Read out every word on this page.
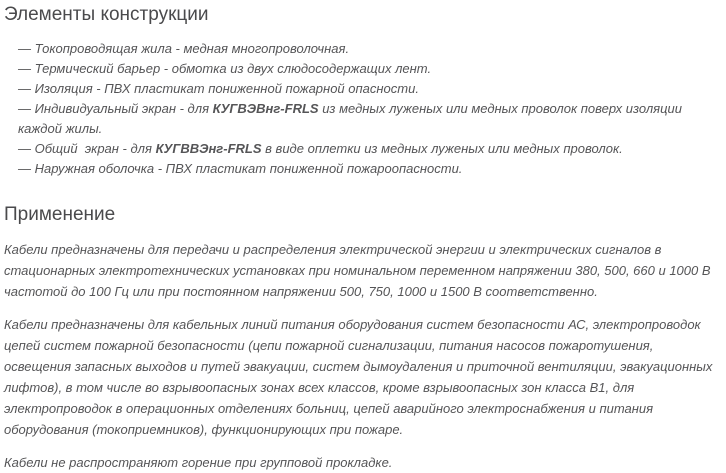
Элементы конструкции
— Токопроводящая жила - медная многопроволочная.
— Термический барьер - обмотка из двух слюдосодержащих лент.
— Изоляция - ПВХ пластикат пониженной пожарной опасности.
— Индивидуальный экран - для КУГВЭВнг-FRLS из медных луженых или медных проволок поверх изоляции каждой жилы.
— Общий  экран - для КУГВВЭнг-FRLS в виде оплетки из медных луженых или медных проволок.
— Наружная оболочка - ПВХ пластикат пониженной пожароопасности.
Применение

Кабели предназначены для передачи и распределения электрической энергии и электрических сигналов в стационарных электротехнических установках при номинальном переменном напряжении 380, 500, 660 и 1000 В частотой до 100 Гц или при постоянном напряжении 500, 750, 1000 и 1500 В соответственно.

Кабели предназначены для кабельных линий питания оборудования систем безопасности АС, электропроводок цепей систем пожарной безопасности (цепи пожарной сигнализации, питания насосов пожаротушения, освещения запасных выходов и путей эвакуации, систем дымоудаления и приточной вентиляции, эвакуационных лифтов), в том числе во взрывоопасных зонах всех классов, кроме взрывоопасных зон класса В1, для электропроводок в операционных отделениях больниц, цепей аварийного электроснабжения и питания оборудования (токоприемников), функционирующих при пожаре.

Кабели не распространяют горение при групповой прокладке.
